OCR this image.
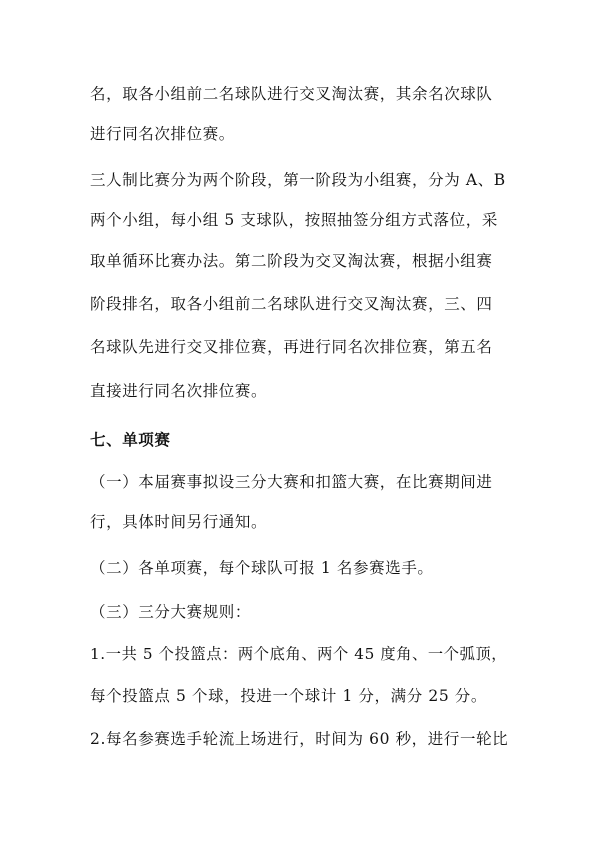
名，取各小组前二名球队进行交叉淘汰赛，其余名次球队
进行同名次排位赛。
三人制比赛分为两个阶段，第一阶段为小组赛，分为 A、B
两个小组，每小组 5 支球队，按照抽签分组方式落位，采
取单循环比赛办法。第二阶段为交叉淘汰赛，根据小组赛
阶段排名，取各小组前二名球队进行交叉淘汰赛，三、四
名球队先进行交叉排位赛，再进行同名次排位赛，第五名
直接进行同名次排位赛。
七、单项赛
（一）本届赛事拟设三分大赛和扣篮大赛，在比赛期间进
行，具体时间另行通知。
（二）各单项赛，每个球队可报 1 名参赛选手。
（三）三分大赛规则：
1.一共 5 个投篮点：两个底角、两个 45 度角、一个弧顶，
每个投篮点 5 个球，投进一个球计 1 分，满分 25 分。
2.每名参赛选手轮流上场进行，时间为 60 秒，进行一轮比
